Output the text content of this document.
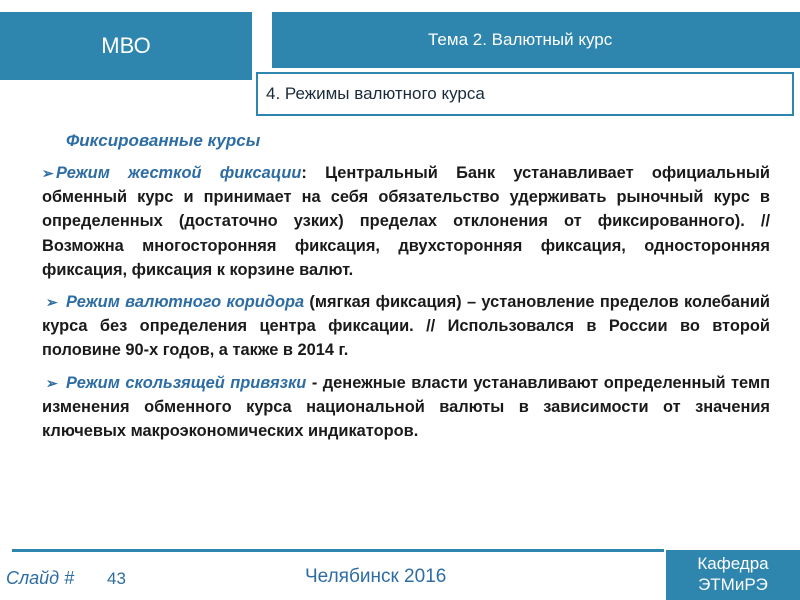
МВО	Тема 2. Валютный курс
4. Режимы валютного курса
Фиксированные курсы
➢ Режим жесткой фиксации: Центральный Банк устанавливает официальный обменный курс и принимает на себя обязательство удерживать рыночный курс в определенных (достаточно узких) пределах отклонения от фиксированного). // Возможна многосторонняя фиксация, двухсторонняя фиксация, односторонняя фиксация, фиксация к корзине валют.
➢ Режим валютного коридора (мягкая фиксация) – установление пределов колебаний курса без определения центра фиксации. // Использовался в России во второй половине 90-х годов, а также в 2014 г.
➢ Режим скользящей привязки - денежные власти устанавливают определенный темп изменения обменного курса национальной валюты в зависимости от значения ключевых макроэкономических индикаторов.
Слайд # 43	Челябинск 2016
Кафедра
ЭТМиРЭ
